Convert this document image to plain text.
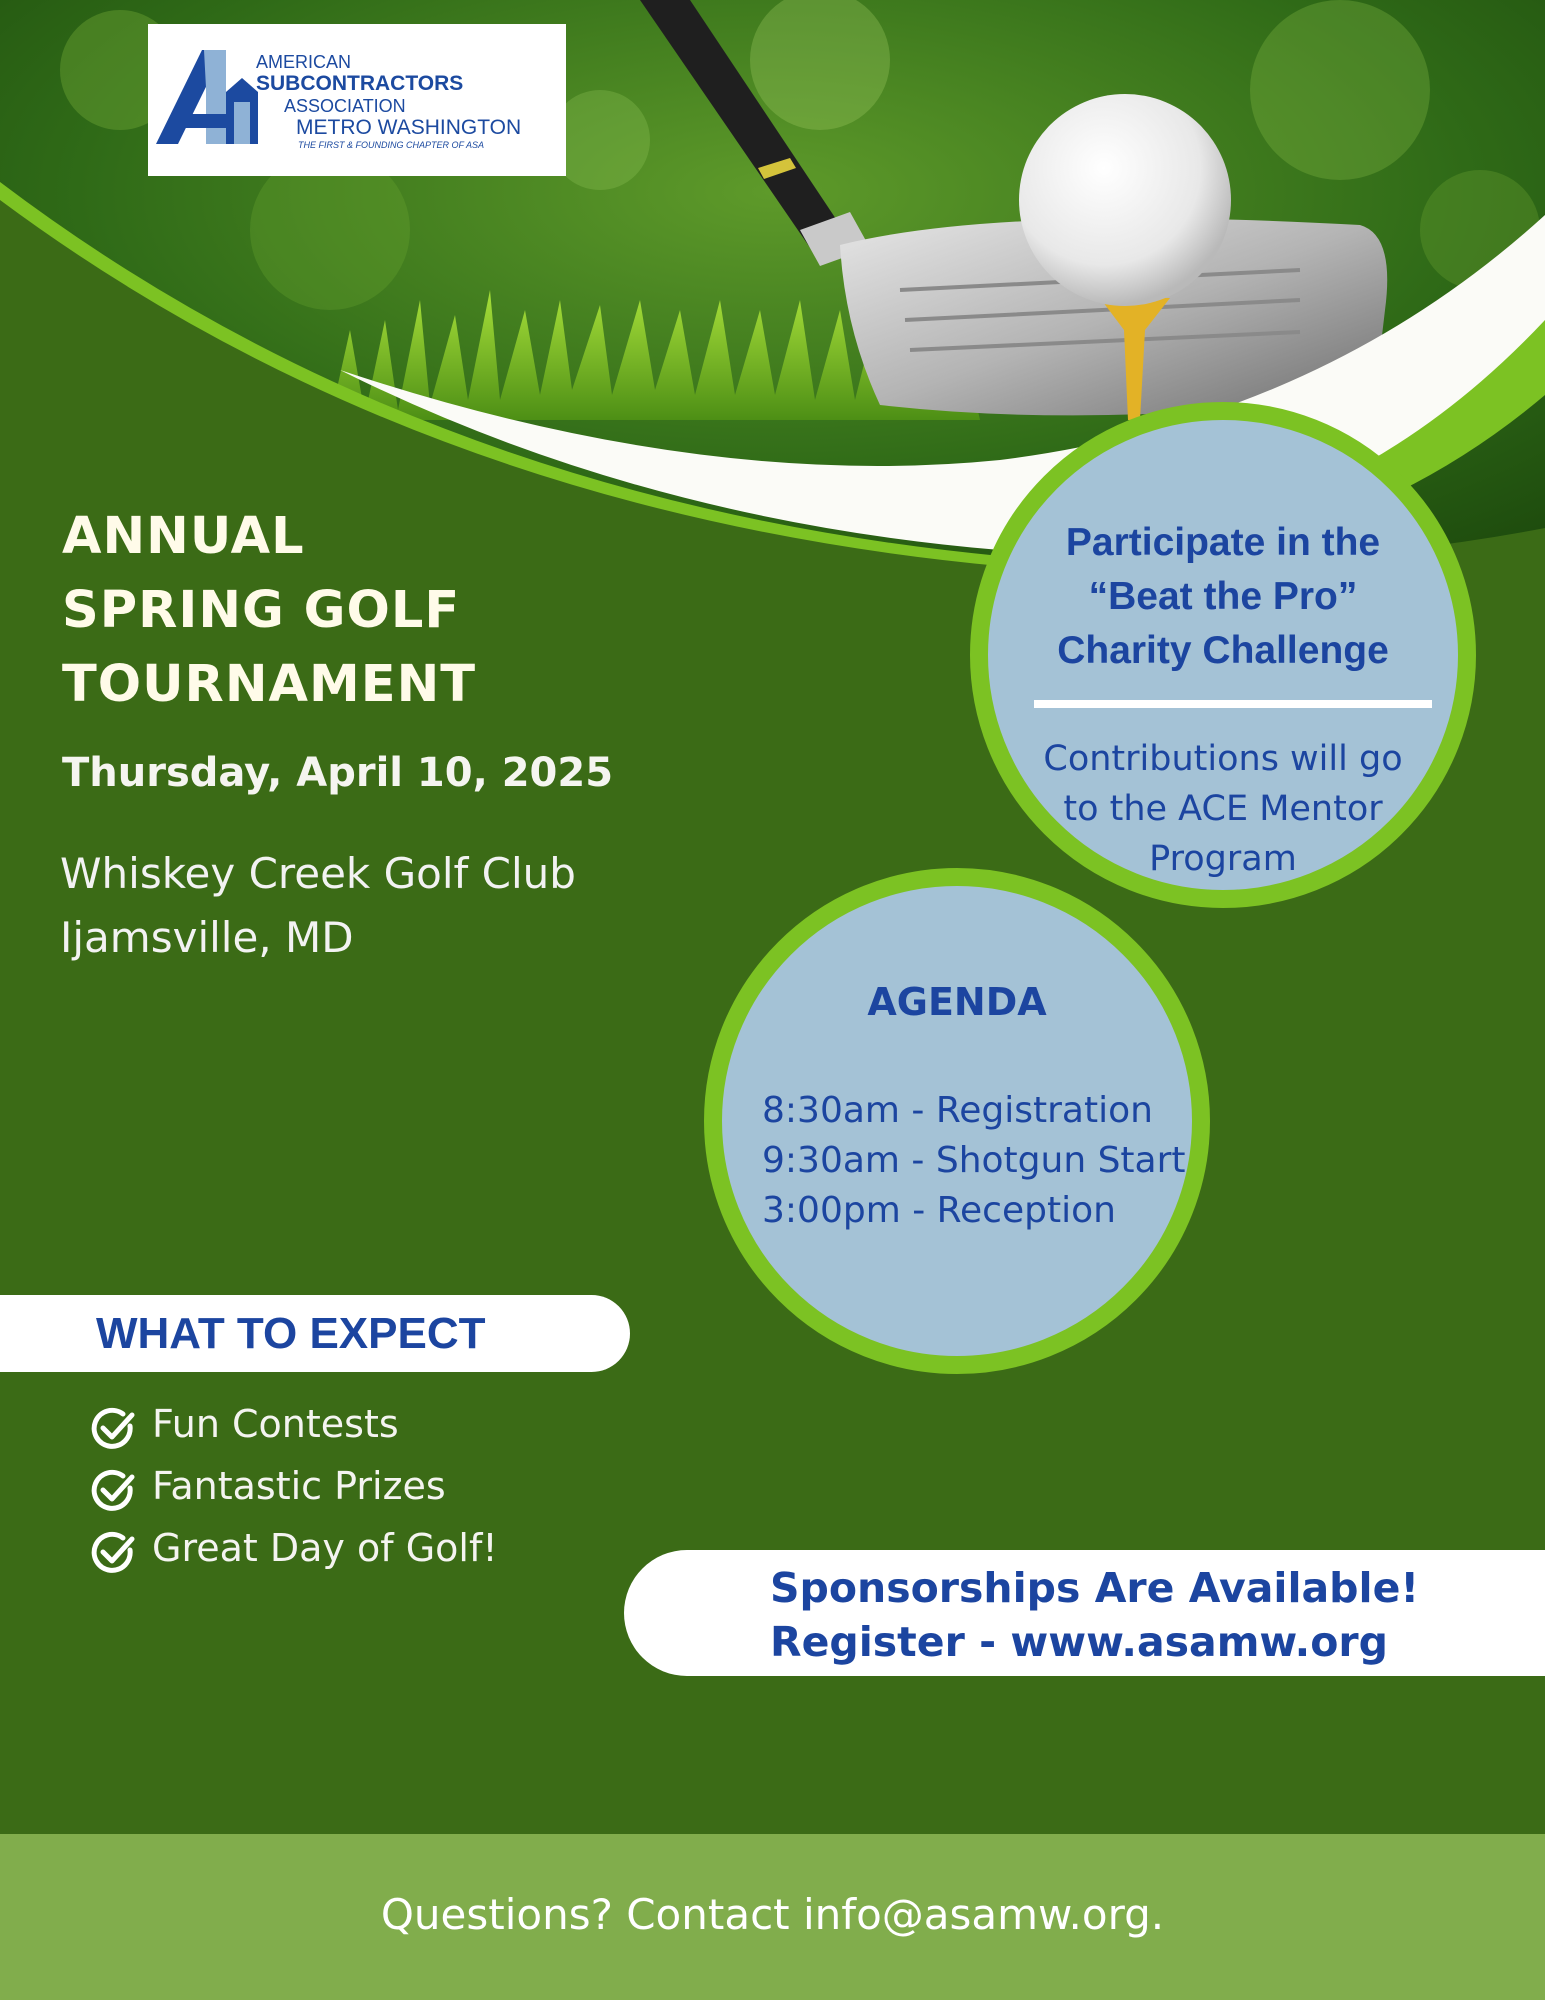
AMERICAN
SUBCONTRACTORS
ASSOCIATION
METRO WASHINGTON
THE FIRST & FOUNDING CHAPTER OF ASA
ANNUAL
SPRING GOLF
TOURNAMENT
Thursday, April 10, 2025
Whiskey Creek Golf Club
Ijamsville, MD
Participate in the
“Beat the Pro”
Charity Challenge
Contributions will go
to the ACE Mentor
Program
AGENDA
8:30am - Registration
9:30am - Shotgun Start
3:00pm - Reception
WHAT TO EXPECT
Fun Contests
Fantastic Prizes
Great Day of Golf!
Sponsorships Are Available!
Register - www.asamw.org
Questions? Contact info@asamw.org.
